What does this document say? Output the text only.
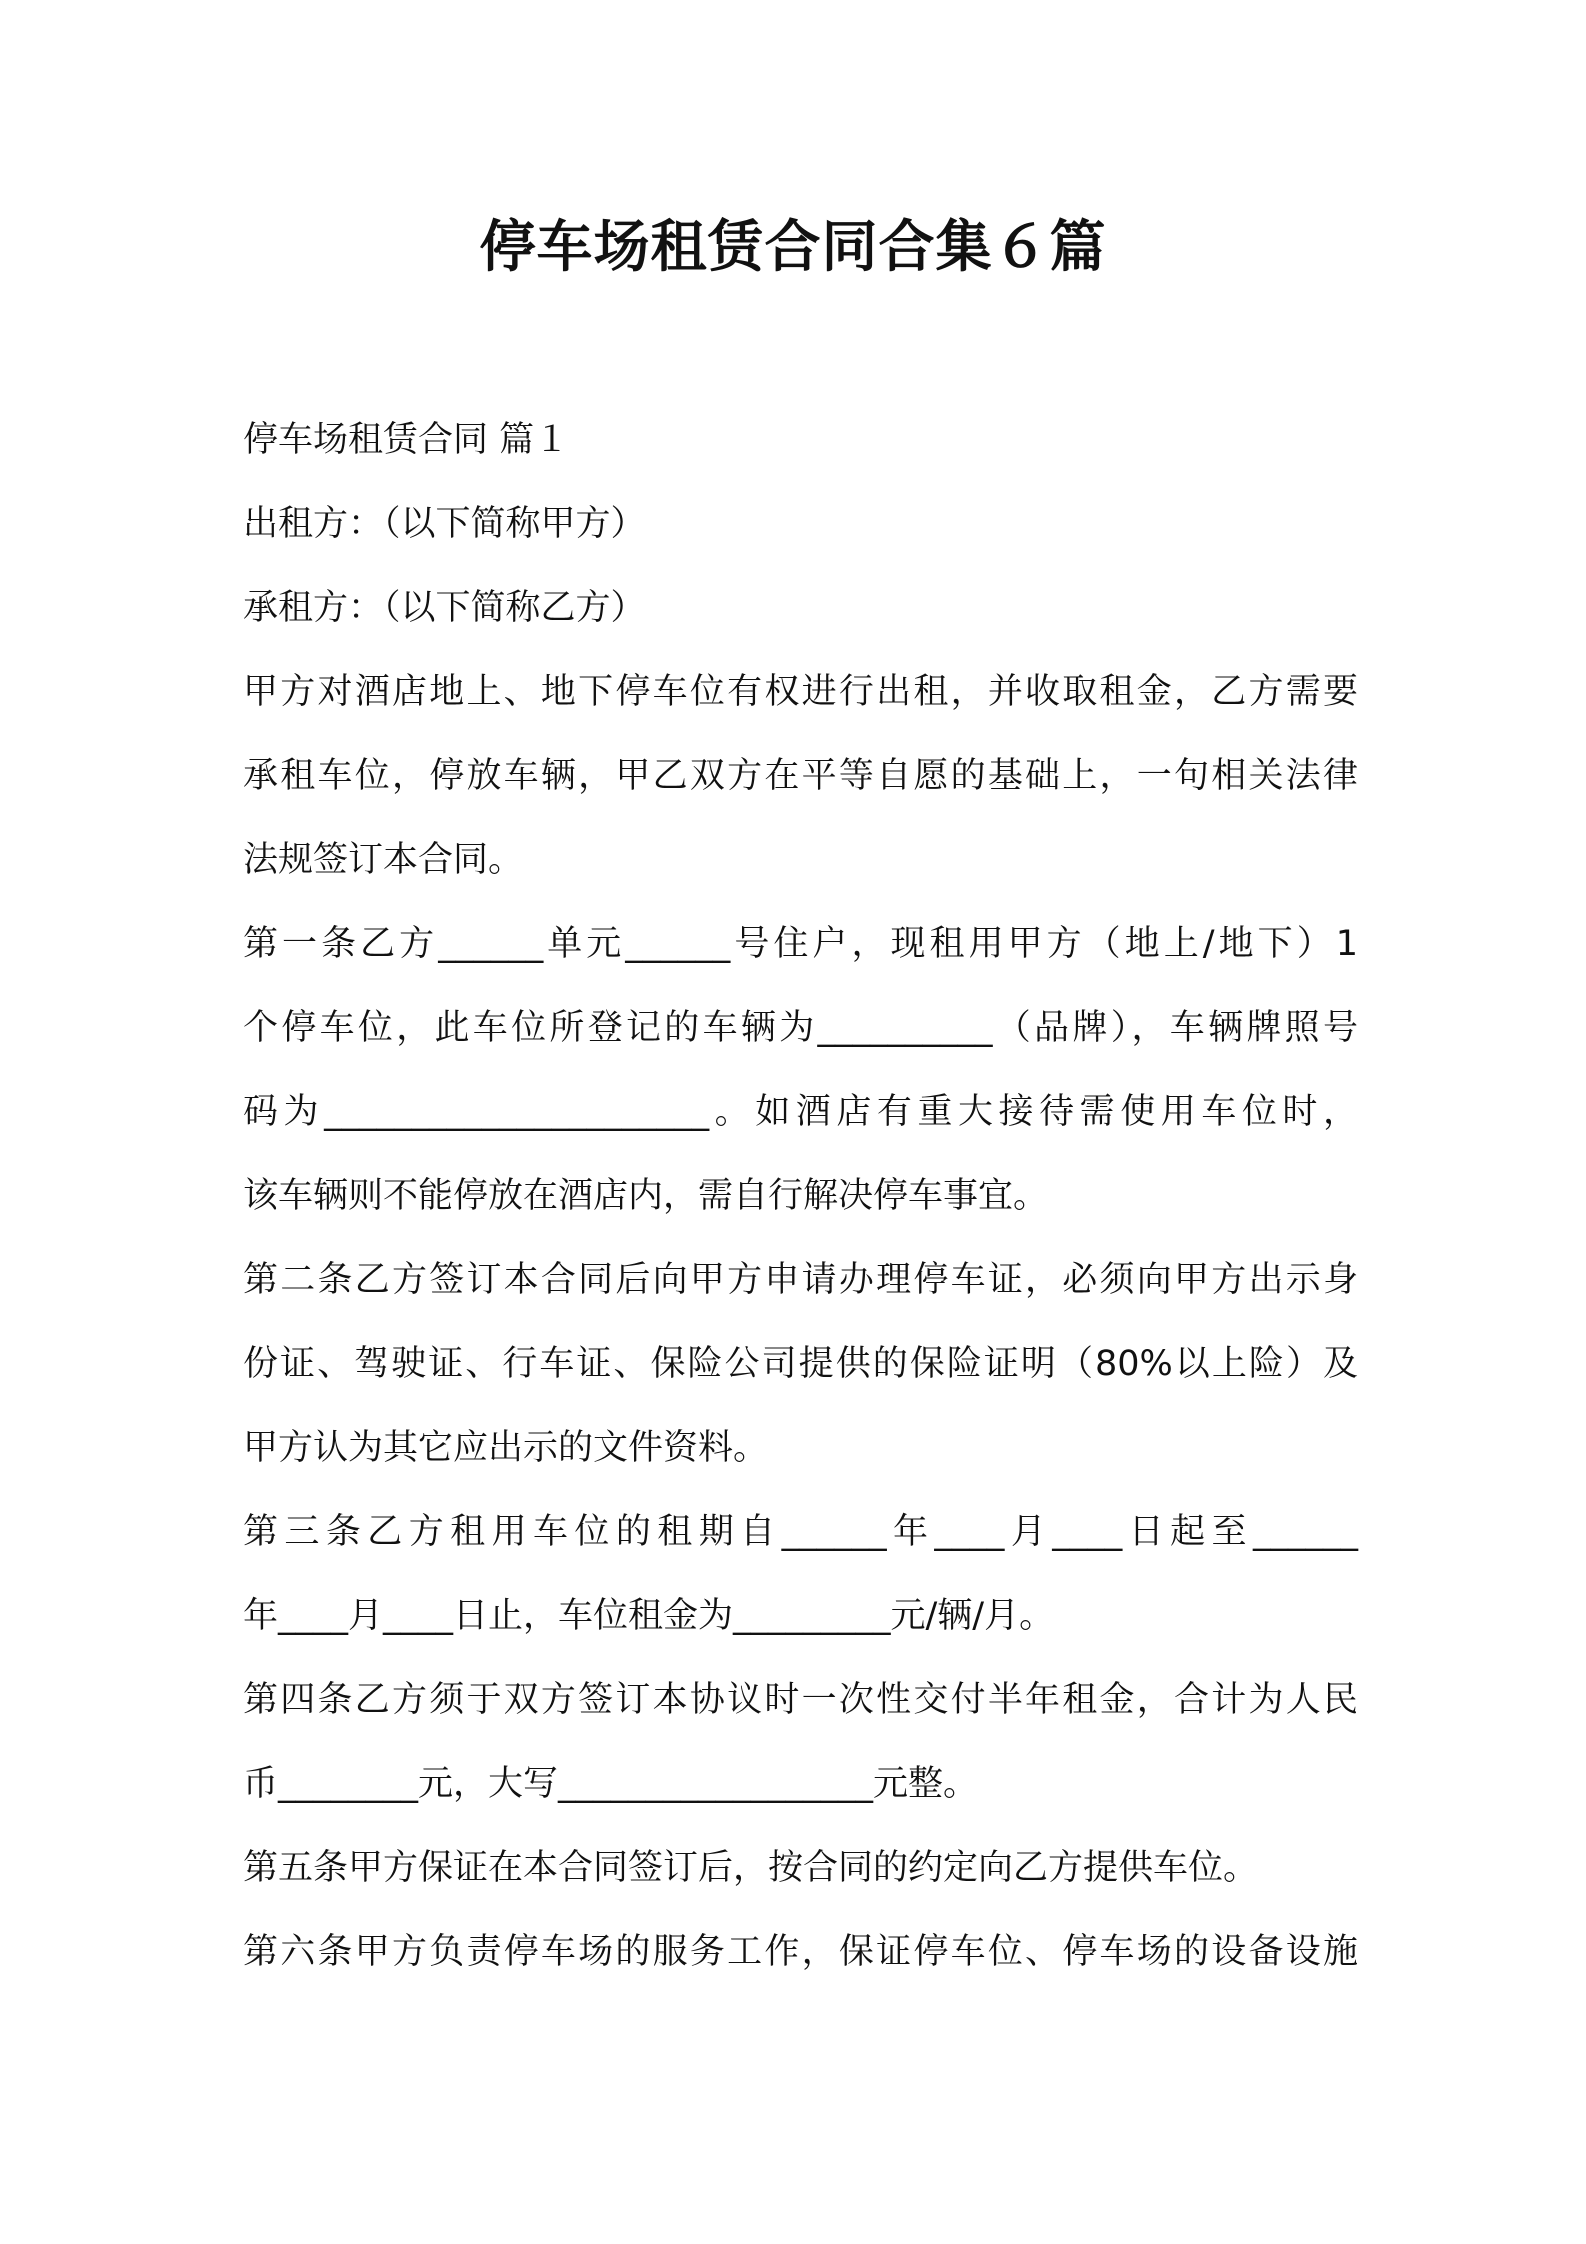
停车场租赁合同合集６篇

停车场租赁合同 篇１

出租方：（以下简称甲方）

承租方：（以下简称乙方）

甲方对酒店地上、地下停车位有权进行出租，并收取租金，乙方需要

承租车位，停放车辆，甲乙双方在平等自愿的基础上，一句相关法律

法规签订本合同。

第一条乙方______单元______号住户，现租用甲方（地上/地下）1

个停车位，此车位所登记的车辆为__________（品牌），车辆牌照号

码为______________________。如酒店有重大接待需使用车位时，

该车辆则不能停放在酒店内，需自行解决停车事宜。

第二条乙方签订本合同后向甲方申请办理停车证，必须向甲方出示身

份证、驾驶证、行车证、保险公司提供的保险证明（80%以上险）及

甲方认为其它应出示的文件资料。

第三条乙方租用车位的租期自______年____月____日起至______

年____月____日止，车位租金为_________元/辆/月。

第四条乙方须于双方签订本协议时一次性交付半年租金，合计为人民

币________元，大写__________________元整。

第五条甲方保证在本合同签订后，按合同的约定向乙方提供车位。

第六条甲方负责停车场的服务工作，保证停车位、停车场的设备设施
